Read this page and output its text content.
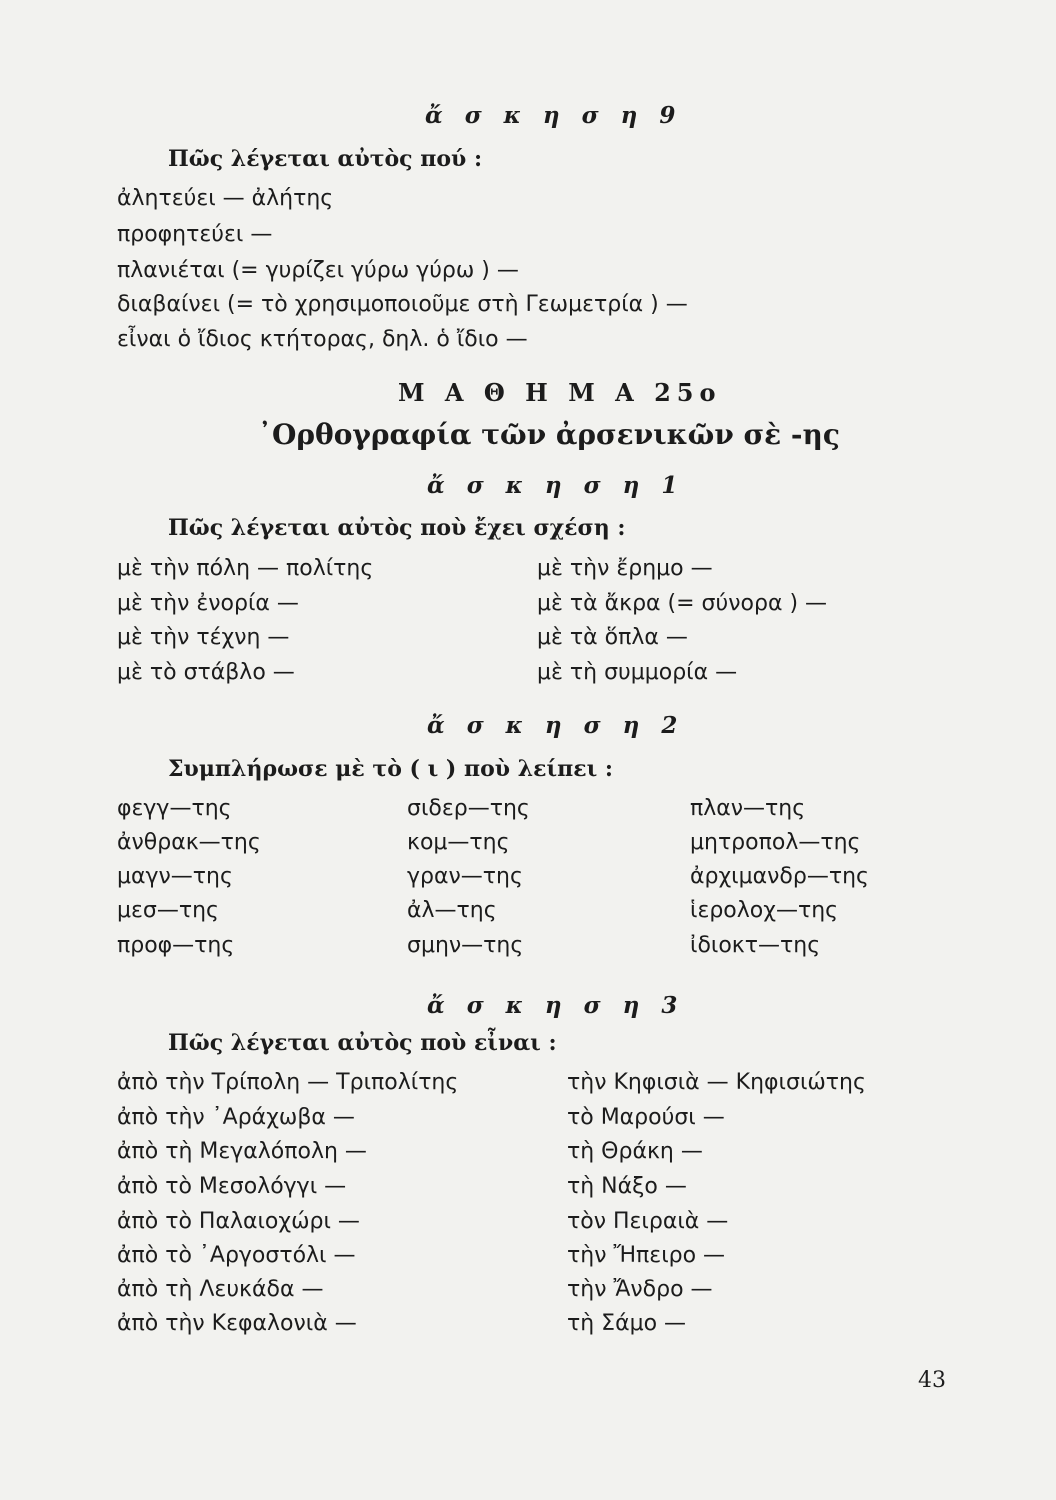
ἄ σ κ η σ η 9
Πῶς λέγεται αὐτὸς πού :
ἀλητεύει — ἀλήτης
προφητεύει —
πλανιέται (= γυρίζει γύρω γύρω ) —
διαβαίνει (= τὸ χρησιμοποιοῦμε στὴ Γεωμετρία ) —
εἶναι ὁ ἴδιος κτήτορας, δηλ. ὁ ἴδιο —
Μ Α Θ Η Μ Α 25ο
᾿Ορθογραφία τῶν ἀρσενικῶν σὲ -ης
ἄ σ κ η σ η 1
Πῶς λέγεται αὐτὸς ποὺ ἔχει σχέση :
μὲ τὴν πόλη — πολίτης
μὲ τὴν ἐνορία —
μὲ τὴν τέχνη —
μὲ τὸ στάβλο —
μὲ τὴν ἔρημο —
μὲ τὰ ἄκρα (= σύνορα ) —
μὲ τὰ ὅπλα —
μὲ τὴ συμμορία —
ἄ σ κ η σ η 2
Συμπλήρωσε μὲ τὸ ( ι ) ποὺ λείπει :
φεγγ—της
ἀνθρακ—της
μαγν—της
μεσ—της
προφ—της
σιδερ—της
κομ—της
γραν—της
ἀλ—της
σμην—της
πλαν—της
μητροπολ—της
ἀρχιμανδρ—της
ἱερολοχ—της
ἰδιοκτ—της
ἄ σ κ η σ η 3
Πῶς λέγεται αὐτὸς ποὺ εἶναι :
ἀπὸ τὴν Τρίπολη — Τριπολίτης
ἀπὸ τὴν ᾿Αράχωβα —
ἀπὸ τὴ Μεγαλόπολη —
ἀπὸ τὸ Μεσολόγγι —
ἀπὸ τὸ Παλαιοχώρι —
ἀπὸ τὸ ᾿Αργοστόλι —
ἀπὸ τὴ Λευκάδα —
ἀπὸ τὴν Κεφαλονιὰ —
τὴν Κηφισιὰ — Κηφισιώτης
τὸ Μαρούσι —
τὴ Θράκη —
τὴ Νάξο —
τὸν Πειραιὰ —
τὴν Ἤπειρο —
τὴν Ἄνδρο —
τὴ Σάμο —
43
